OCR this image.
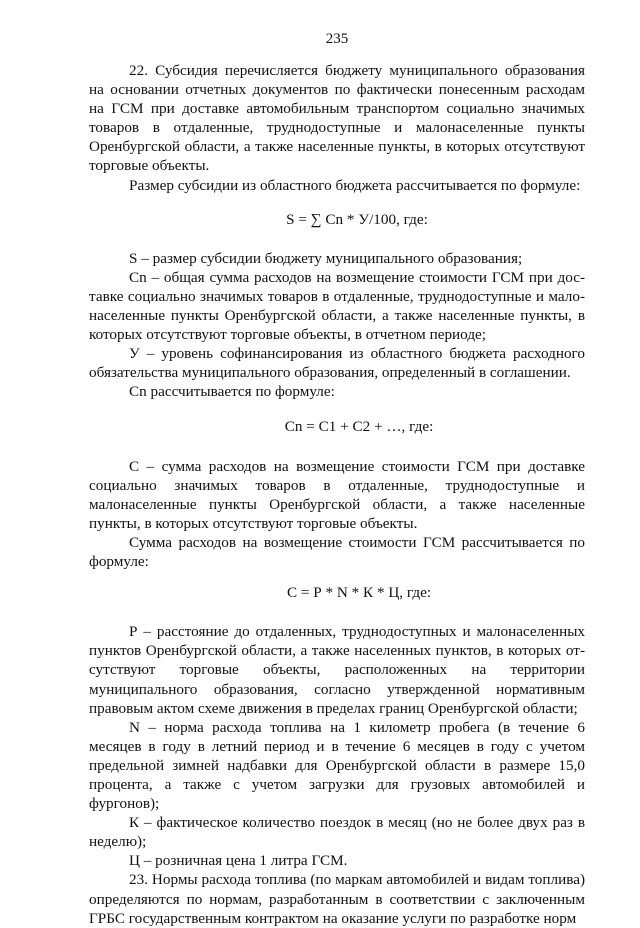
235

22. Субсидия перечисляется бюджету муниципального образования на основании отчетных документов по фактически понесенным расходам на ГСМ при доставке автомобильным транспортом социально значимых товаров в отдаленные, труднодоступные и малонаселенные пункты Оренбургской области, а также населенные пункты, в которых отсутствуют торговые объекты.

Размер субсидии из областного бюджета рассчитывается по формуле:

S = ∑ Cn * У/100, где:

S – размер субсидии бюджету муниципального образования;

Cn – общая сумма расходов на возмещение стоимости ГСМ при доставке социально значимых товаров в отдаленные, труднодоступные и малонаселенные пункты Оренбургской области, а также населенные пункты, в которых отсутствуют торговые объекты, в отчетном периоде;

У – уровень софинансирования из областного бюджета расходного обязательства муниципального образования, определенный в соглашении.

Cn рассчитывается по формуле:

Cn = С1 + С2 + …, где:

С – сумма расходов на возмещение стоимости ГСМ при доставке социально значимых товаров в отдаленные, труднодоступные и малонаселенные пункты Оренбургской области, а также населенные пункты, в которых отсутствуют торговые объекты.

Сумма расходов на возмещение стоимости ГСМ рассчитывается по формуле:

С = Р * N * К * Ц, где:

Р – расстояние до отдаленных, труднодоступных и малонаселенных пунктов Оренбургской области, а также населенных пунктов, в которых отсутствуют торговые объекты, расположенных на территории муниципального образования, согласно утвержденной нормативным правовым актом схеме движения в пределах границ Оренбургской области;

N – норма расхода топлива на 1 километр пробега (в течение 6 месяцев в году в летний период и в течение 6 месяцев в году с учетом предельной зимней надбавки для Оренбургской области в размере 15,0 процента, а также с учетом загрузки для грузовых автомобилей и фургонов);

К – фактическое количество поездок в месяц (но не более двух раз в неделю);

Ц – розничная цена 1 литра ГСМ.

23. Нормы расхода топлива (по маркам автомобилей и видам топлива) определяются по нормам, разработанным в соответствии с заключенным ГРБС государственным контрактом на оказание услуги по разработке норм
